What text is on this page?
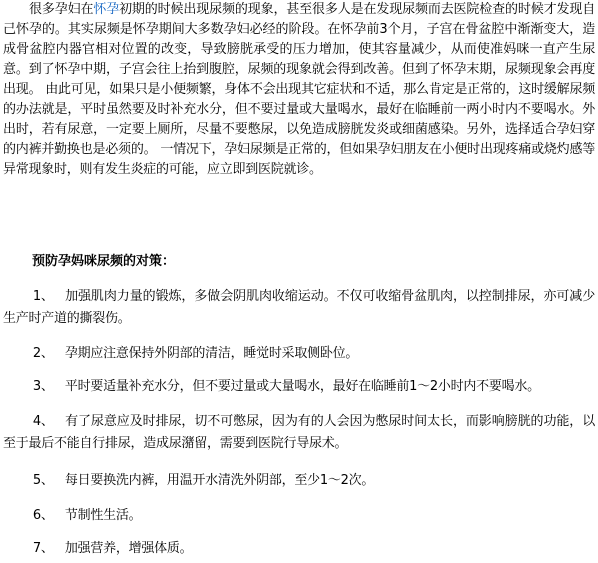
很多孕妇在怀孕初期的时候出现尿频的现象，甚至很多人是在发现尿频而去医院检查的时候才发现自己怀孕的。其实尿频是怀孕期间大多数孕妇必经的阶段。在怀孕前3个月，子宫在骨盆腔中渐渐变大，造成骨盆腔内器官相对位置的改变，导致膀胱承受的压力增加，使其容量减少，从而使准妈咪一直产生尿意。到了怀孕中期，子宫会往上抬到腹腔，尿频的现象就会得到改善。但到了怀孕末期，尿频现象会再度出现。 由此可见，如果只是小便频繁，身体不会出现其它症状和不适，那么肯定是正常的，这时缓解尿频的办法就是，平时虽然要及时补充水分，但不要过量或大量喝水，最好在临睡前一两小时内不要喝水。外出时，若有尿意，一定要上厕所，尽量不要憋尿，以免造成膀胱发炎或细菌感染。另外，选择适合孕妇穿的内裤并勤换也是必须的。 一情况下，孕妇尿频是正常的，但如果孕妇朋友在小便时出现疼痛或烧灼感等异常现象时，则有发生炎症的可能，应立即到医院就诊。

预防孕妈咪尿频的对策：

1、 加强肌肉力量的锻炼，多做会阴肌肉收缩运动。不仅可收缩骨盆肌肉，以控制排尿，亦可减少生产时产道的撕裂伤。

2、 孕期应注意保持外阴部的清洁，睡觉时采取侧卧位。

3、 平时要适量补充水分，但不要过量或大量喝水，最好在临睡前1～2小时内不要喝水。

4、 有了尿意应及时排尿，切不可憋尿，因为有的人会因为憋尿时间太长，而影响膀胱的功能，以至于最后不能自行排尿，造成尿潴留，需要到医院行导尿术。

5、 每日要换洗内裤，用温开水清洗外阴部，至少1～2次。

6、 节制性生活。

7、 加强营养，增强体质。
